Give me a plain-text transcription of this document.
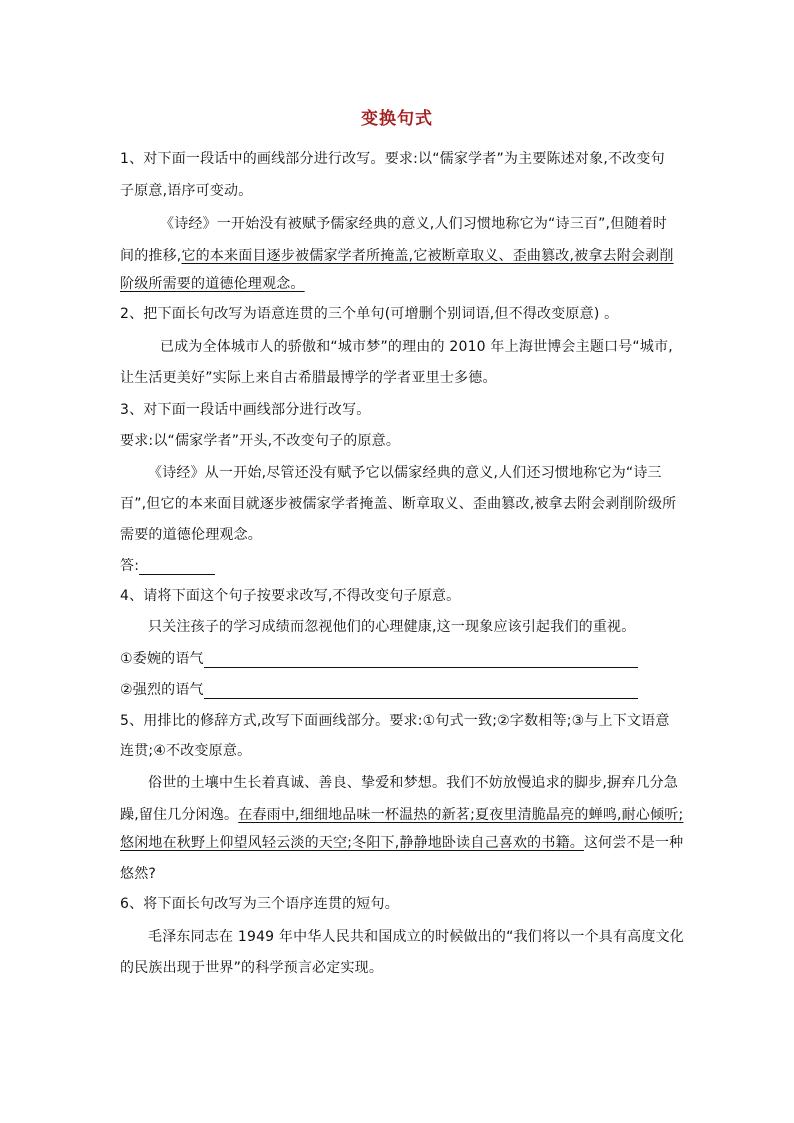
变换句式
1、对下面一段话中的画线部分进行改写。要求:以“儒家学者”为主要陈述对象,不改变句
子原意,语序可变动。
《诗经》一开始没有被赋予儒家经典的意义,人们习惯地称它为“诗三百”,但随着时
间的推移,它的本来面目逐步被儒家学者所掩盖,它被断章取义、歪曲篡改,被拿去附会剥削
阶级所需要的道德伦理观念。
2、把下面长句改写为语意连贯的三个单句(可增删个别词语,但不得改变原意) 。
已成为全体城市人的骄傲和“城市梦”的理由的 2010 年上海世博会主题口号“城市,
让生活更美好”实际上来自古希腊最博学的学者亚里士多德。
3、对下面一段话中画线部分进行改写。
要求:以“儒家学者”开头,不改变句子的原意。
《诗经》从一开始,尽管还没有赋予它以儒家经典的意义,人们还习惯地称它为“诗三
百”,但它的本来面目就逐步被儒家学者掩盖、断章取义、歪曲篡改,被拿去附会剥削阶级所
需要的道德伦理观念。
答:
4、请将下面这个句子按要求改写,不得改变句子原意。
只关注孩子的学习成绩而忽视他们的心理健康,这一现象应该引起我们的重视。
①委婉的语气
②强烈的语气
5、用排比的修辞方式,改写下面画线部分。要求:①句式一致;②字数相等;③与上下文语意
连贯;④不改变原意。
俗世的土壤中生长着真诚、善良、挚爱和梦想。我们不妨放慢追求的脚步,摒弃几分急
躁,留住几分闲逸。在春雨中,细细地品味一杯温热的新茗;夏夜里清脆晶亮的蝉鸣,耐心倾听;
悠闲地在秋野上仰望风轻云淡的天空;冬阳下,静静地卧读自己喜欢的书籍。这何尝不是一种
悠然?
6、将下面长句改写为三个语序连贯的短句。
毛泽东同志在 1949 年中华人民共和国成立的时候做出的“我们将以一个具有高度文化
的民族出现于世界”的科学预言必定实现。
